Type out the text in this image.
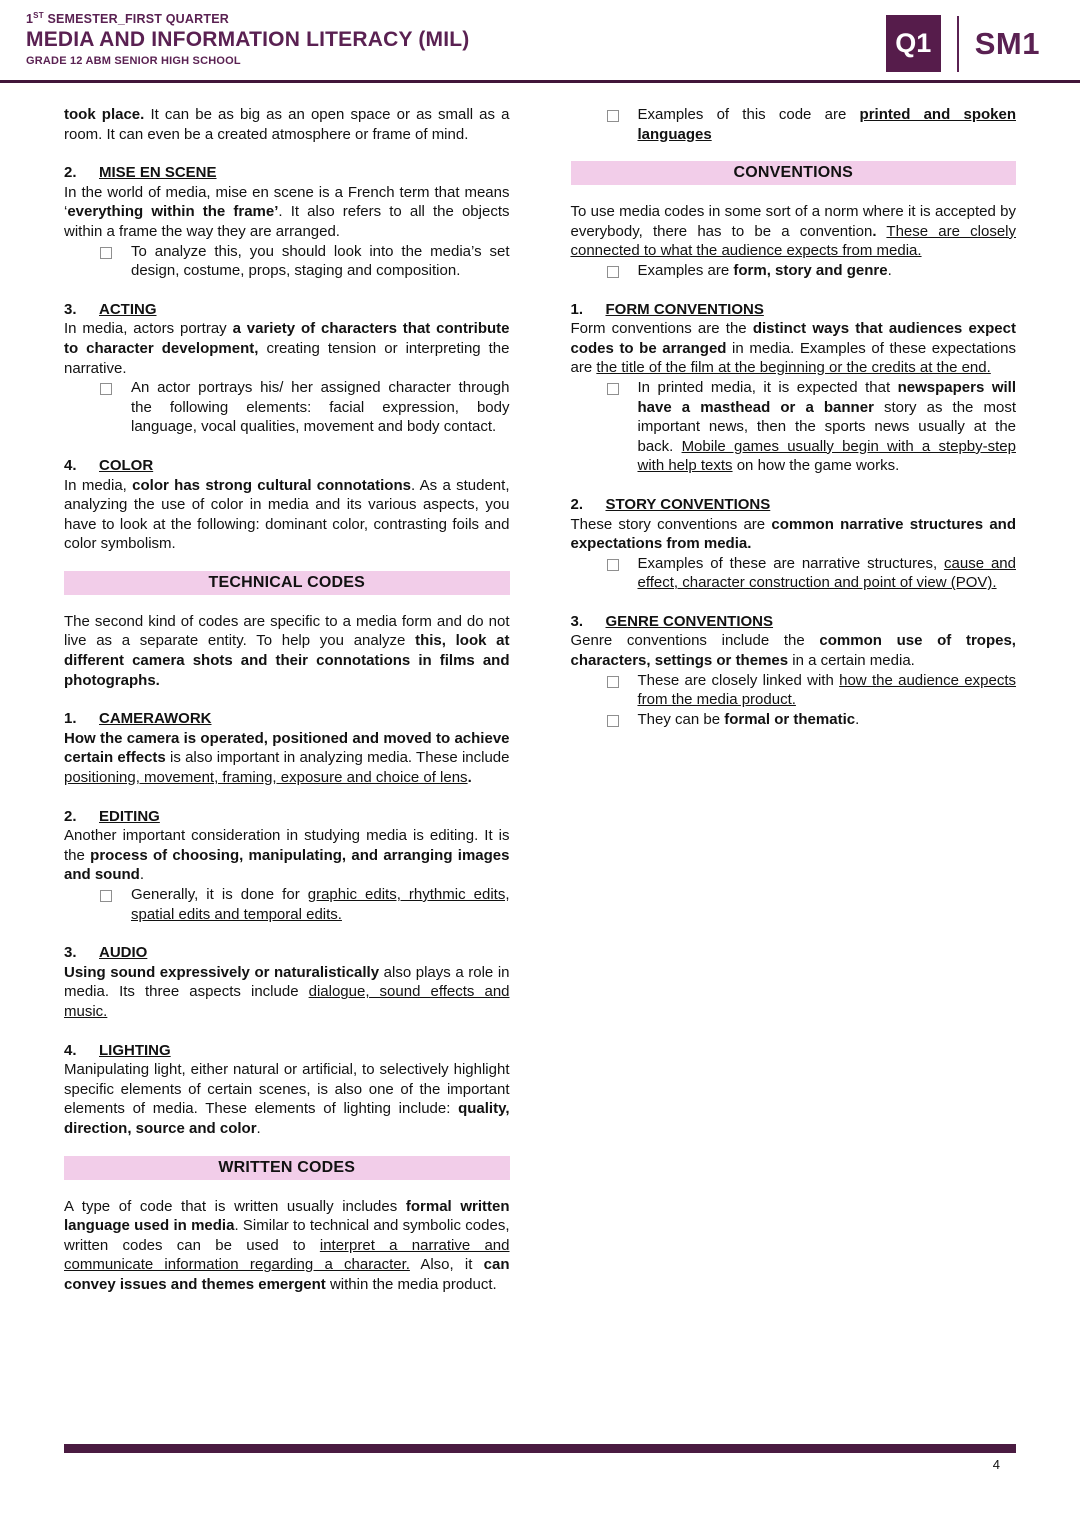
1ST SEMESTER_FIRST QUARTER
MEDIA AND INFORMATION LITERACY (MIL)
GRADE 12 ABM SENIOR HIGH SCHOOL
Q1	SM1

took place. It can be as big as an open space or as small as a room. It can even be a created atmosphere or frame of mind.

2.	MISE EN SCENE

In the world of media, mise en scene is a French term that means ‘everything within the frame’. It also refers to all the objects within a frame the way they are arranged.

To analyze this, you should look into the media’s set design, costume, props, staging and composition.
3.	ACTING

In media, actors portray a variety of characters that contribute to character development, creating tension or interpreting the narrative.

An actor portrays his/ her assigned character through the following elements: facial expression, body language, vocal qualities, movement and body contact.
4.	COLOR

In media, color has strong cultural connotations. As a student, analyzing the use of color in media and its various aspects, you have to look at the following: dominant color, contrasting foils and color symbolism.

TECHNICAL CODES

The second kind of codes are specific to a media form and do not live as a separate entity. To help you analyze this, look at different camera shots and their connotations in films and photographs.

1.	CAMERAWORK

How the camera is operated, positioned and moved to achieve certain effects is also important in analyzing media. These include positioning, movement, framing, exposure and choice of lens.

2.	EDITING

Another important consideration in studying media is editing. It is the process of choosing, manipulating, and arranging images and sound.

Generally, it is done for graphic edits, rhythmic edits, spatial edits and temporal edits.
3.	AUDIO

Using sound expressively or naturalistically also plays a role in media. Its three aspects include dialogue, sound effects and music.

4.	LIGHTING

Manipulating light, either natural or artificial, to selectively highlight specific elements of certain scenes, is also one of the important elements of media. These elements of lighting include: quality, direction, source and color.

WRITTEN CODES

A type of code that is written usually includes formal written language used in media. Similar to technical and symbolic codes, written codes can be used to interpret a narrative and communicate information regarding a character. Also, it can convey issues and themes emergent within the media product.

Examples of this code are printed and spoken languages
CONVENTIONS

To use media codes in some sort of a norm where it is accepted by everybody, there has to be a convention. These are closely connected to what the audience expects from media.

Examples are form, story and genre.
1.	FORM CONVENTIONS

Form conventions are the distinct ways that audiences expect codes to be arranged in media. Examples of these expectations are the title of the film at the beginning or the credits at the end.

In printed media, it is expected that newspapers will have a masthead or a banner story as the most important news, then the sports news usually at the back. Mobile games usually begin with a stepby-step with help texts on how the game works.
2.	STORY CONVENTIONS

These story conventions are common narrative structures and expectations from media.

Examples of these are narrative structures, cause and effect, character construction and point of view (POV).
3.	GENRE CONVENTIONS

Genre conventions include the common use of tropes, characters, settings or themes in a certain media.

These are closely linked with how the audience expects from the media product.
They can be formal or thematic.
4
